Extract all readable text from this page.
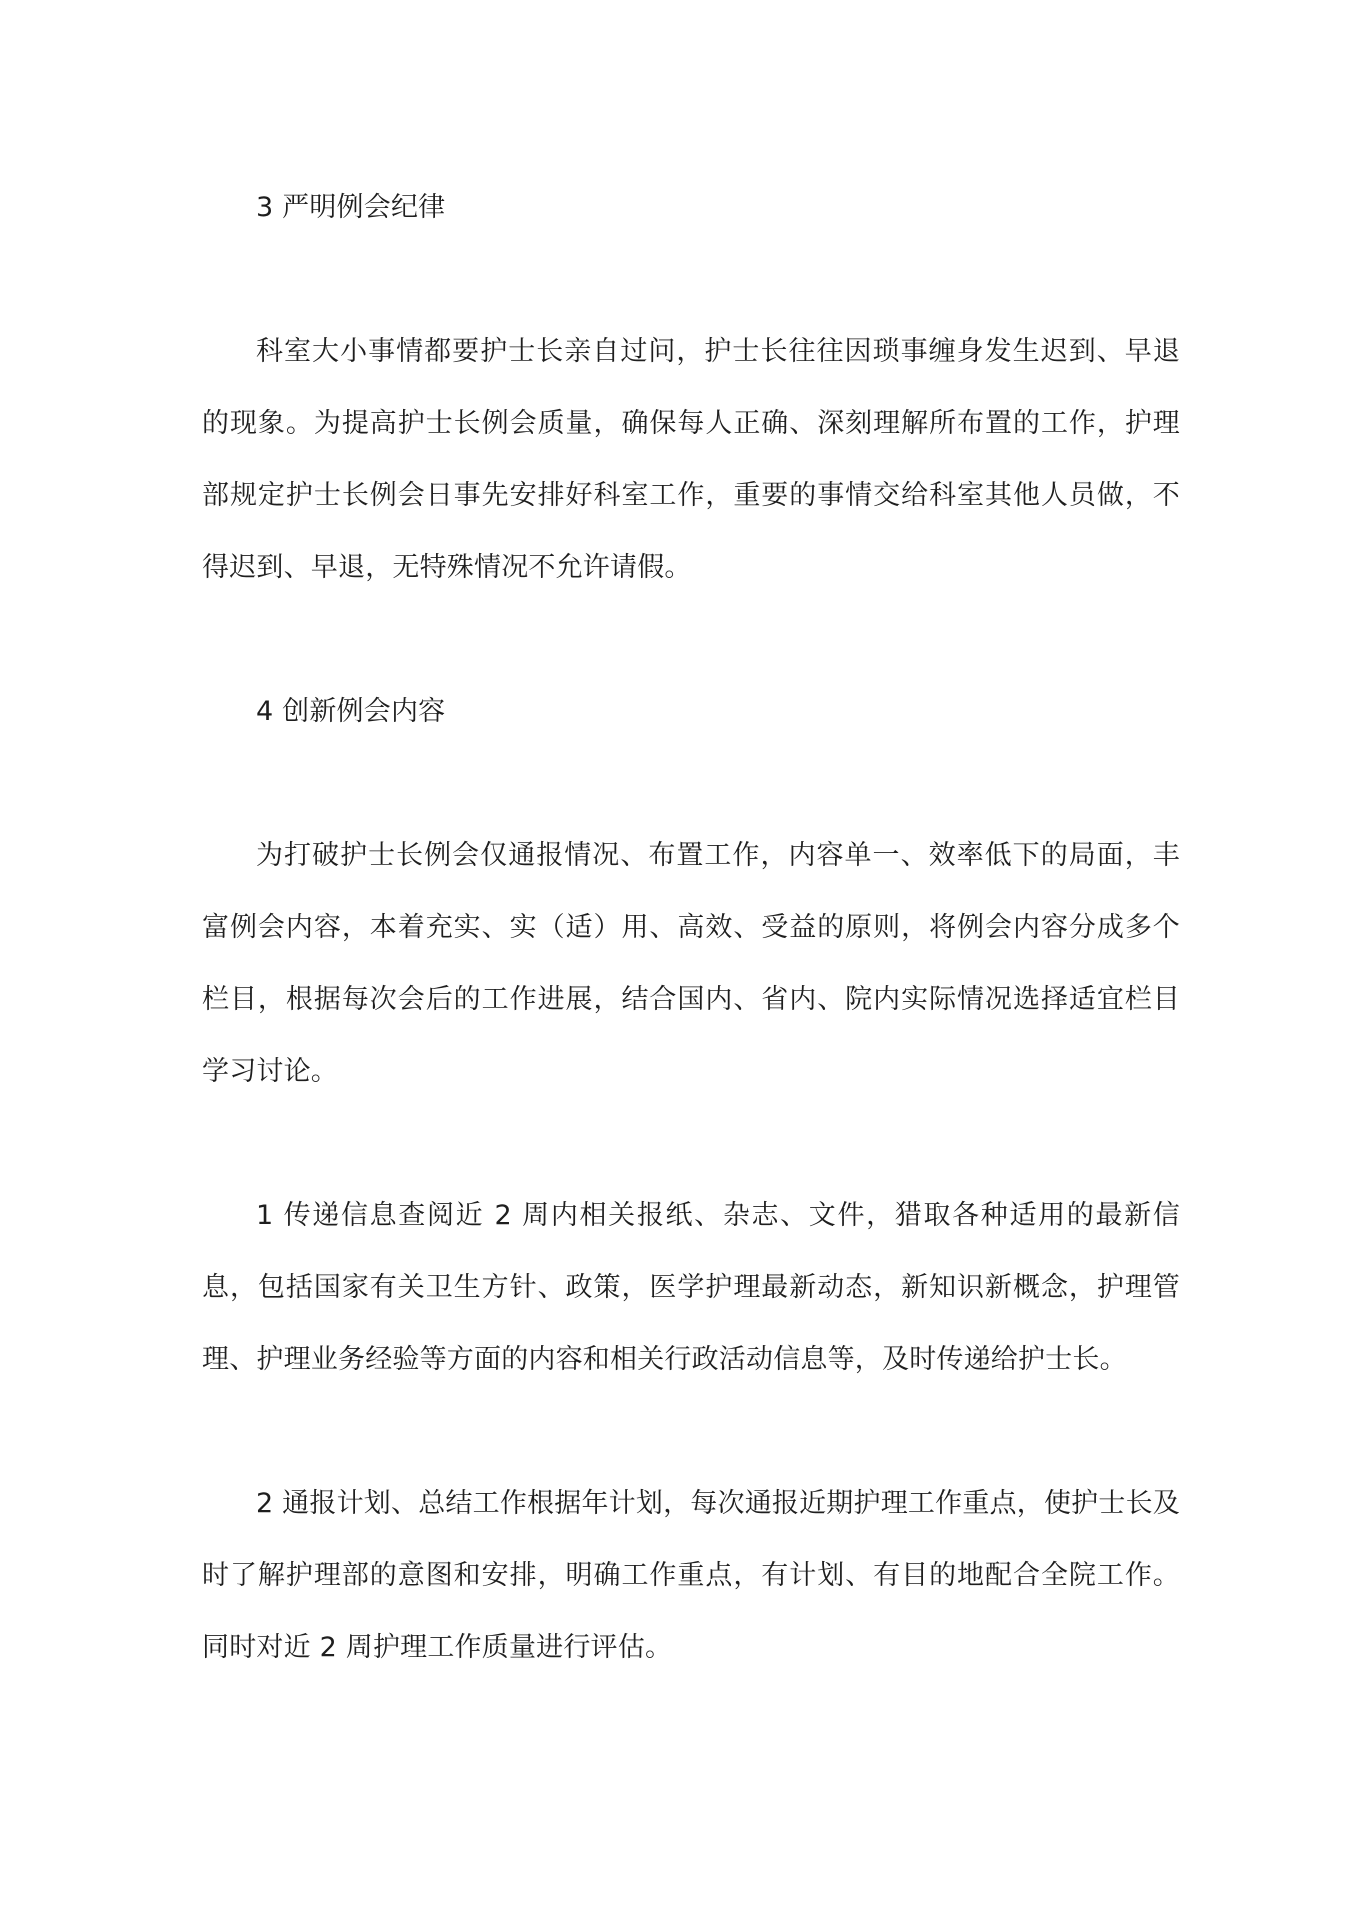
3 严明例会纪律

科室大小事情都要护士长亲自过问，护士长往往因琐事缠身发生迟到、早退的现象。为提高护士长例会质量，确保每人正确、深刻理解所布置的工作，护理部规定护士长例会日事先安排好科室工作，重要的事情交给科室其他人员做，不得迟到、早退，无特殊情况不允许请假。

4 创新例会内容

为打破护士长例会仅通报情况、布置工作，内容单一、效率低下的局面，丰富例会内容，本着充实、实（适）用、高效、受益的原则，将例会内容分成多个栏目，根据每次会后的工作进展，结合国内、省内、院内实际情况选择适宜栏目学习讨论。

1 传递信息查阅近 2 周内相关报纸、杂志、文件，猎取各种适用的最新信息，包括国家有关卫生方针、政策，医学护理最新动态，新知识新概念，护理管理、护理业务经验等方面的内容和相关行政活动信息等，及时传递给护士长。

2 通报计划、总结工作根据年计划，每次通报近期护理工作重点，使护士长及时了解护理部的意图和安排，明确工作重点，有计划、有目的地配合全院工作。同时对近 2 周护理工作质量进行评估。
